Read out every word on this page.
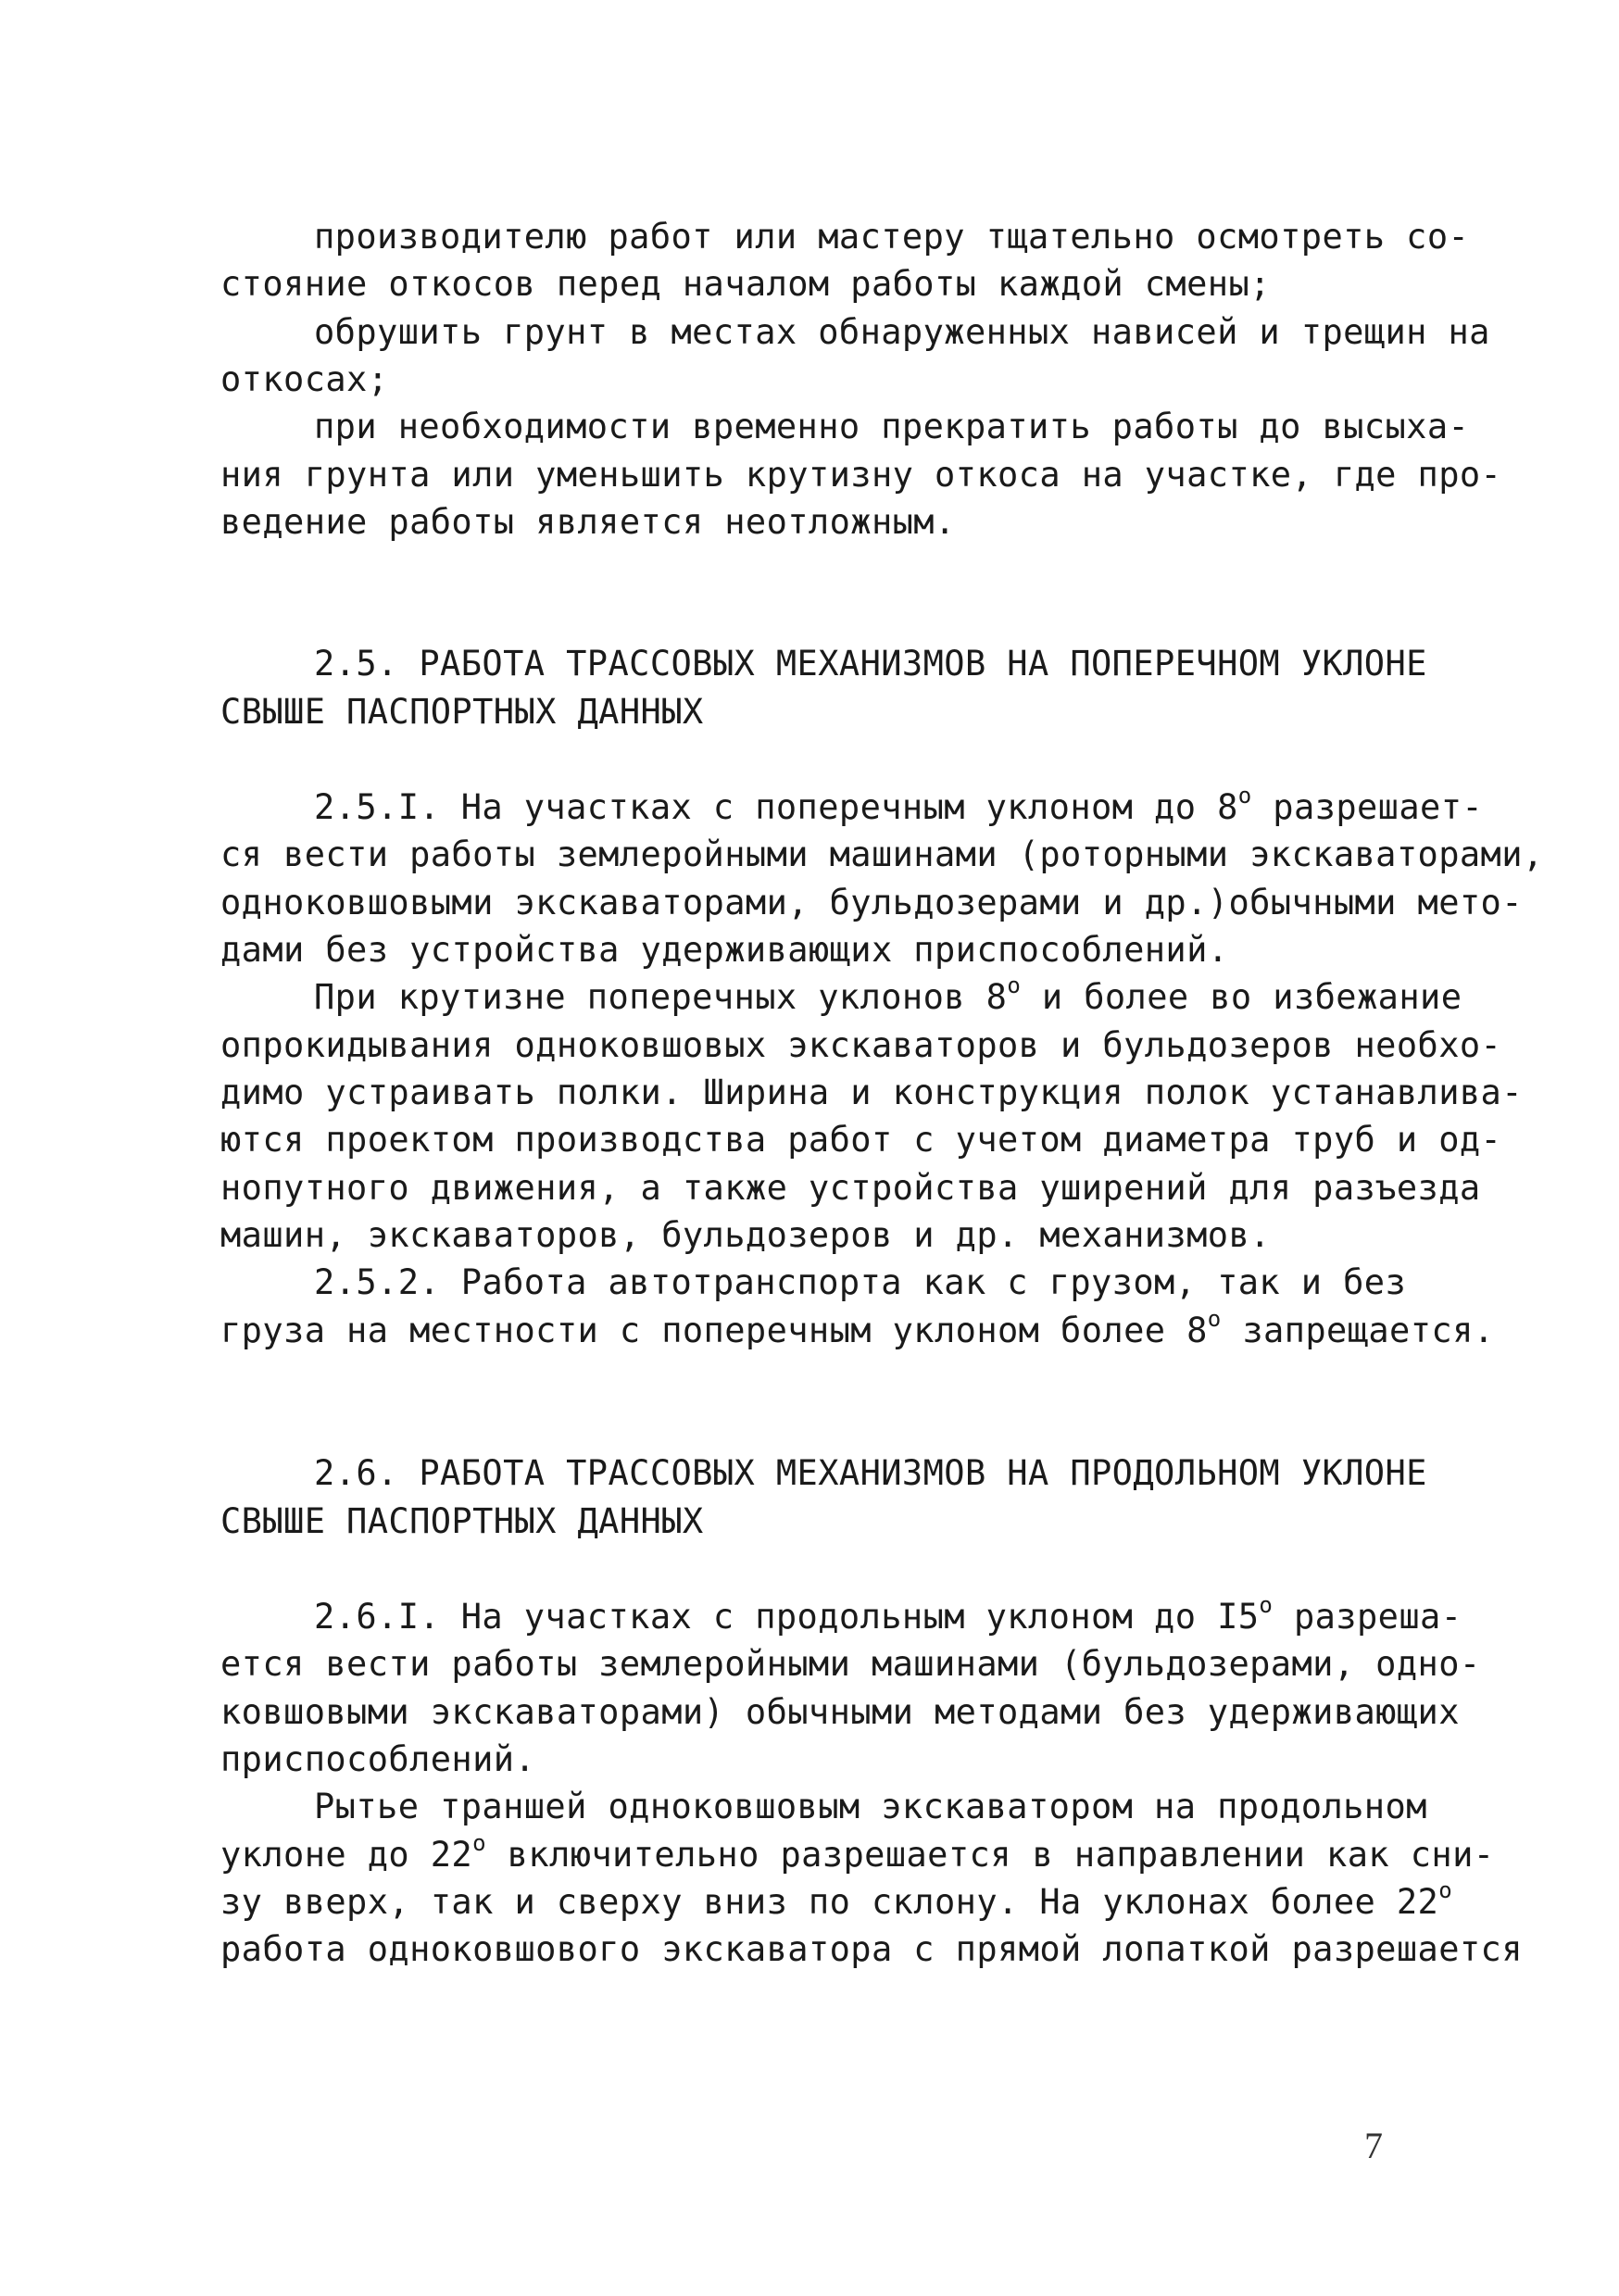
производителю работ или мастеру тщательно осмотреть со-
стояние откосов перед началом работы каждой смены;
обрушить грунт в местах обнаруженных нависей и трещин на
откосах;
при необходимости временно прекратить работы до высыха-
ния грунта или уменьшить крутизну откоса на участке, где про-
ведение работы является неотложным.
2.5. РАБОТА ТРАССОВЫХ МЕХАНИЗМОВ НА ПОПЕРЕЧНОМ УКЛОНЕ
СВЫШЕ ПАСПОРТНЫХ ДАННЫХ
2.5.I. На участках с поперечным уклоном до $8^о$ разрешает-
ся вести работы землеройными машинами (роторными экскаваторами,
одноковшовыми экскаваторами, бульдозерами и др.)обычными мето-
дами без устройства удерживающих приспособлений.
При крутизне поперечных уклонов $8^о$ и более во избежание
опрокидывания одноковшовых экскаваторов и бульдозеров необхо-
димо устраивать полки. Ширина и конструкция полок устанавлива-
ются проектом производства работ с учетом диаметра труб и од-
нопутного движения, а также устройства уширений для разъезда
машин, экскаваторов, бульдозеров и др. механизмов.
2.5.2. Работа автотранспорта как с грузом, так и без
груза на местности с поперечным уклоном более $8^о$ запрещается.
2.6. РАБОТА ТРАССОВЫХ МЕХАНИЗМОВ НА ПРОДОЛЬНОМ УКЛОНЕ
СВЫШЕ ПАСПОРТНЫХ ДАННЫХ
2.6.I. На участках с продольным уклоном до $I5^о$ разреша-
ется вести работы землеройными машинами (бульдозерами, одно-
ковшовыми экскаваторами) обычными методами без удерживающих
приспособлений.
Рытье траншей одноковшовым экскаватором на продольном
уклоне до $22^о$ включительно разрешается в направлении как сни-
зу вверх, так и сверху вниз по склону. На уклонах более $22^о$
работа одноковшового экскаватора с прямой лопаткой разрешается
7
